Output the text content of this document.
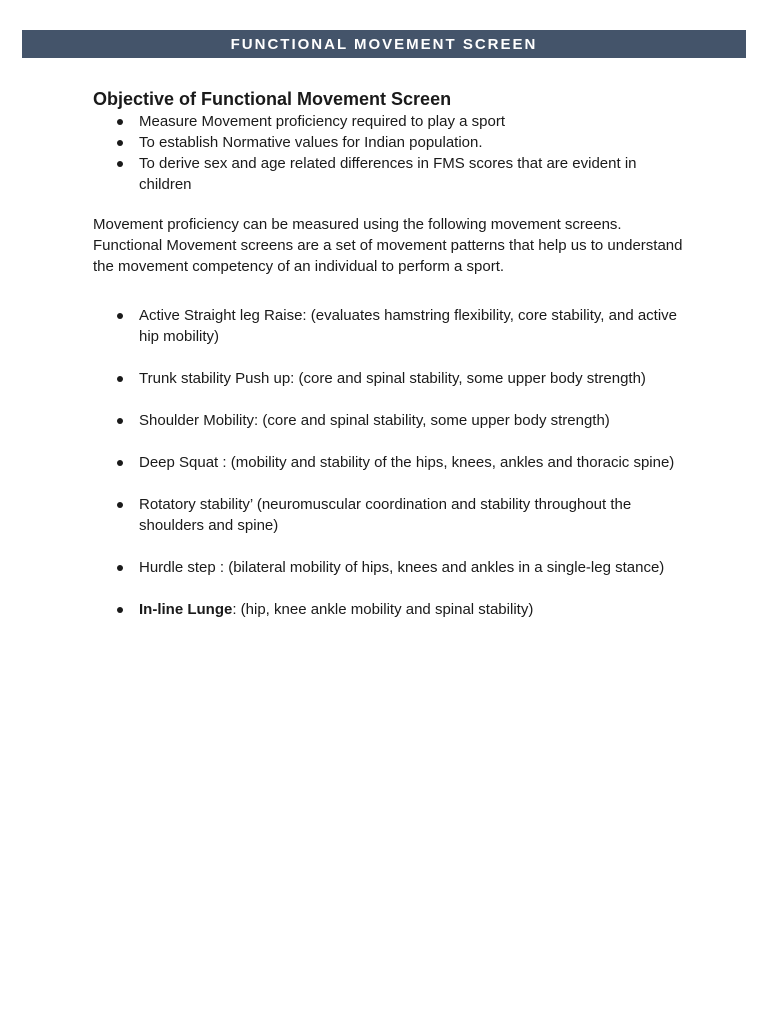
FUNCTIONAL MOVEMENT SCREEN
Objective of Functional Movement Screen
Measure Movement proficiency required to play a sport
To establish Normative values for Indian population.
To derive sex and age related differences in FMS scores that are evident in children

Movement proficiency can be measured using the following movement screens. Functional Movement screens are a set of movement patterns that help us to understand the movement competency of an individual to perform a sport.

Active Straight leg Raise: (evaluates hamstring flexibility, core stability, and active hip mobility)
Trunk stability Push up: (core and spinal stability, some upper body strength)
Shoulder Mobility: (core and spinal stability, some upper body strength)
Deep Squat : (mobility and stability of the hips, knees, ankles and thoracic spine)
Rotatory stability’ (neuromuscular coordination and stability throughout the shoulders and spine)
Hurdle step : (bilateral mobility of hips, knees and ankles in a single-leg stance)
In-line Lunge: (hip, knee ankle mobility and spinal stability)
